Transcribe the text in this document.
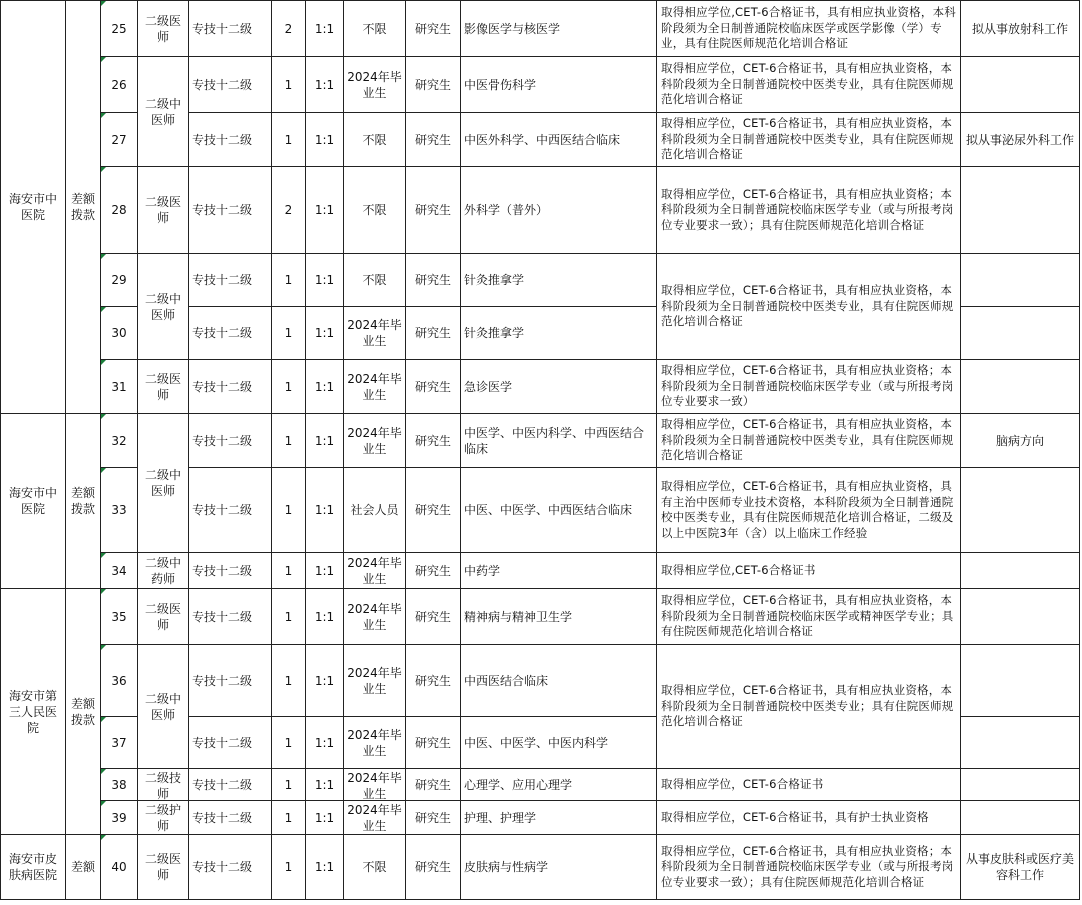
海安市中医院	差额拨款	25	二级医师	专技十二级	2	1:1	不限	研究生	影像医学与核医学	取得相应学位,CET-6合格证书，具有相应执业资格，本科阶段须为全日制普通院校临床医学或医学影像（学）专业，具有住院医师规范化培训合格证	拟从事放射科工作
		26	二级中医师	专技十二级	1	1:1	2024年毕业生	研究生	中医骨伤科学	取得相应学位，CET-6合格证书，具有相应执业资格，本科阶段须为全日制普通院校中医类专业，具有住院医师规范化培训合格证	

		27		专技十二级	1	1:1	不限	研究生	中医外科学、中西医结合临床	取得相应学位，CET-6合格证书，具有相应执业资格，本科阶段须为全日制普通院校中医类专业，具有住院医师规范化培训合格证	拟从事泌尿外科工作
		28	二级医师	专技十二级	2	1:1	不限	研究生	外科学（普外）	取得相应学位，CET-6合格证书，具有相应执业资格；本科阶段须为全日制普通院校临床医学专业（或与所报考岗位专业要求一致）；具有住院医师规范化培训合格证	

		29	二级中医师	专技十二级	1	1:1	不限	研究生	针灸推拿学	取得相应学位，CET-6合格证书，具有相应执业资格，本科阶段须为全日制普通院校中医类专业，具有住院医师规范化培训合格证	

		30		专技十二级	1	1:1	2024年毕业生	研究生	针灸推拿学		
		31	二级医师	专技十二级	1	1:1	2024年毕业生	研究生	急诊医学	取得相应学位，CET-6合格证书，具有相应执业资格；本科阶段须为全日制普通院校临床医学专业（或与所报考岗位专业要求一致）	

海安市中医院	差额拨款	32	二级中医师	专技十二级	1	1:1	2024年毕业生	研究生	中医学、中医内科学、中西医结合临床	取得相应学位，CET-6合格证书，具有相应执业资格，本科阶段须为全日制普通院校中医类专业，具有住院医师规范化培训合格证	脑病方向
		33		专技十二级	1	1:1	社会人员	研究生	中医、中医学、中西医结合临床	取得相应学位，CET-6合格证书，具有相应执业资格，具有主治中医师专业技术资格，本科阶段须为全日制普通院校中医类专业，具有住院医师规范化培训合格证，二级及以上中医院3年（含）以上临床工作经验	

		34	二级中药师	专技十二级	1	1:1	2024年毕业生	研究生	中药学	取得相应学位,CET-6合格证书	

海安市第三人民医院	差额拨款	35	二级医师	专技十二级	1	1:1	2024年毕业生	研究生	精神病与精神卫生学	取得相应学位，CET-6合格证书，具有相应执业资格，本科阶段须为全日制普通院校临床医学或精神医学专业；具有住院医师规范化培训合格证	

		36	二级中医师	专技十二级	1	1:1	2024年毕业生	研究生	中西医结合临床	取得相应学位，CET-6合格证书，具有相应执业资格，本科阶段须为全日制普通院校中医类专业；具有住院医师规范化培训合格证	

		37		专技十二级	1	1:1	2024年毕业生	研究生	中医、中医学、中医内科学		
		38	二级技师	专技十二级	1	1:1	2024年毕业生	研究生	心理学、应用心理学	取得相应学位，CET-6合格证书	

		39	二级护师	专技十二级	1	1:1	2024年毕业生	研究生	护理、护理学	取得相应学位，CET-6合格证书，具有护士执业资格	

海安市皮肤病医院	差额	40	二级医师	专技十二级	1	1:1	不限	研究生	皮肤病与性病学	取得相应学位，CET-6合格证书，具有相应执业资格；本科阶段须为全日制普通院校临床医学专业（或与所报考岗位专业要求一致）；具有住院医师规范化培训合格证	从事皮肤科或医疗美容科工作
